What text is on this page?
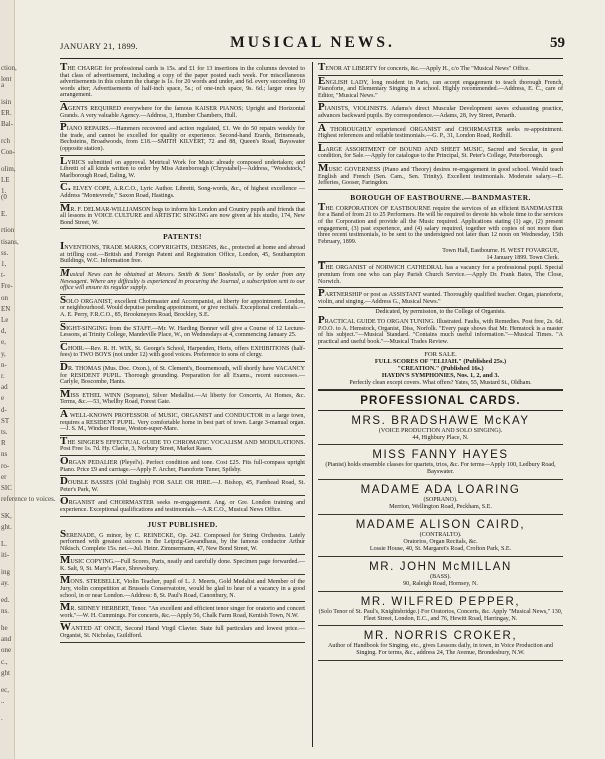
ction,
lent
a
isin
ER.
Bal-
rch
Con-
olim,
LE
1.
(0
E.
rtion
tisans,
ss.
1,
t-
Fre-
on
EN
Le
d,
e,
y,
n-
r.
ad
e
d-
ST
ts.
R
ns
ro-
er
SIC
reference to voices.
SK,
ght.
L.
iti-
ing
ay.
ed.
ns.
he
and
one
c.,
ght
ec,
..
.
JANUARY 21, 1899.	MUSICAL NEWS.	59
THE CHARGE for professional cards is 15s. and £1 for 13 insertions in the columns devoted to that class of advertisement, including a copy of the paper posted each week. For miscellaneous advertisements in this column the charge is 1s. for 20 words and under, and 6d. every succeeding 10 words after; Advertisements of half-inch space, 5s.; of one-inch space, 9s. 6d.; larger ones by arrangement.
AGENTS REQUIRED everywhere for the famous KAISER PIANOS; Upright and Horizontal Grands. A very valuable Agency.—Address, 3, Humber Chambers, Hull.
PIANO REPAIRS.—Hammers recovered and action regulated, £1. We do 50 repairs weekly for the trade, and cannot be excelled for quality or experience. Second-hand Erards, Brinsmeads, Bechsteins, Broadwoods, from £18.—SMITH KILVERT, 72 and 88, Queen's Road, Bayswater (opposite station).
LYRICS submitted on approval. Metrical Work for Music already composed undertaken; and Libretti of all kinds written to order by Miss Attenborough (Chrystabel)—Address, "Woodstock," Marlborough Road, Ealing, W.
C. ELVEY COPE, A.R.C.O., Lyric Author. Libretti, Song-words, &c., of highest excellence — Address "Montevrede," Saxon Road, Hastings.
MR. F. DELMAR-WILLIAMSON begs to inform his London and Country pupils and friends that all lessons in VOICE CULTURE and ARTISTIC SINGING are now given at his studio, 174, New Bond Street, W.
PATENTS!
INVENTIONS, TRADE MARKS, COPYRIGHTS, DESIGNS, &c., protected at home and abroad at trifling cost.—British and Foreign Patent and Registration Office, London, 45, Southampton Buildings, W.C. Information free.
Musical News can be obtained at Messrs. Smith & Sons' Bookstalls, or by order from any Newsagent. Where any difficulty is experienced in procuring the Journal, a subscription sent to our office will ensure its regular supply.
SOLO ORGANIST, excellent Choirmaster and Accompanist, at liberty for appointment. London, or neighbourhood. Would deputise pending appointment, or give recitals. Exceptional credentials.—A. E. Perry, F.R.C.O., 85, Brookmeyers Road, Brockley, S.E.
SIGHT-SINGING from the STAFF.—Mr. W. Harding Bonner will give a Course of 12 Lecture-Lessons, at Trinity College, Mandeville Place, W., on Wednesdays at 4, commencing January 25.
CHOIR.—Rev. R. H. WIX, St. George's School, Harpenden, Herts, offers EXHIBITIONS (half-fees) to TWO BOYS (not under 12) with good voices. Preference to sons of clergy.
DR. THOMAS (Mus. Doc. Oxon.), of St. Clement's, Bournemouth, will shortly have VACANCY for RESIDENT PUPIL. Thorough grounding. Preparation for all Exams., recent successes.—Carlyle, Boscombe, Hants.
MISS ETHEL WINN (Soprano), Silver Medallist.—At liberty for Concerts, At Homes, &c. Terms, &c.—53, Whellby Road, Forest Gate.
A WELL-KNOWN PROFESSOR of MUSIC, ORGANIST and CONDUCTOR in a large town, requires a RESIDENT PUPIL. Very comfortable home in best part of town. Large 3-manual organ.—J. S. M., Windsor House, Weston-super-Mare.
THE SINGER'S EFFECTUAL GUIDE TO CHROMATIC VOCALISM AND MODULATIONS. Post Free 1s. 7d. Hy. Clarke, 3, Norbury Street, Market Rasen.
ORGAN PEDALIER (Pleyel's). Perfect condition and tone. Cost £25. Fits full-compass upright Piano. Price £9 and carriage.—Apply F. Archer, Pianoforte Tuner, Spilsby.
DOUBLE BASSES (Old English) FOR SALE OR HIRE.—J. Bishop, 45, Farnhead Road, St. Peter's Park, W.
ORGANIST and CHOIRMASTER seeks re-engagement. Ang. or Gre. London training and experience. Exceptional qualifications and testimonials.—A.R.C.O., Musical News Office.
JUST PUBLISHED.
SERENADE, G minor, by C. REINECKE, Op. 242. Composed for String Orchestra. Lately performed with greatest success in the Leipzig-Gewandhaus, by the famous conductor Arthur Nikisch. Complete 15s. net.—Jul. Heinr. Zimmermann, 47, New Bond Street, W.
MUSIC COPYING.—Full Scores, Parts, neatly and carefully done. Specimen page forwarded.—K. Salt, 9, St. Mary's Place, Shrewsbury.
MONS. STREBELLE, Violin Teacher, pupil of L. J. Meerts, Gold Medalist and Member of the Jury, violin competition at Brussels Conservatoire, would be glad to hear of a vacancy in a good school, in or near London.—Address: 8, St. Paul's Road, Canonbury, N.
MR. SIDNEY HERBERT, Tenor. "An excellent and efficient tenor singer for oratorio and concert work."—W. H. Cummings. For concerts, &c.—Apply 56, Chalk Farm Road, Kentish Town, N.W.
WANTED AT ONCE, Second Hand Virgil Clavier. State full particulars and lowest price.—Organist, St. Nicholas, Guildford.
TENOR AT LIBERTY for concerts, &c.—Apply H., c/o The "Musical News" Office.
ENGLISH LADY, long resident in Paris, can accept engagement to teach thorough French, Pianoforte, and Elementary Singing in a school. Highly recommended.—Address, E. C., care of Editor, "Musical News."
PIANISTS, VIOLINISTS. Adams's direct Muscular Development saves exhausting practice, advances backward pupils. By correspondence.—Adams, 28, Ivy Street, Penarth.
A THOROUGHLY experienced ORGANIST and CHOIRMASTER seeks re-appointment. Highest references and reliable testimonials.—G. P., 31, London Road, Redhill.
LARGE ASSORTMENT OF BOUND AND SHEET MUSIC, Sacred and Secular, in good condition, for Sale.—Apply for catalogue to the Principal, St. Peter's College, Peterborough.
MUSIC GOVERNESS (Piano and Theory) desires re-engagement in good school. Would teach English and French (Sen. Cam., Sen. Trinity). Excellent testimonials. Moderate salary.—E. Jefferies, Gooser, Faringdon.
BOROUGH OF EASTBOURNE.—BANDMASTER.
THE CORPORATION OF EASTBOURNE require the services of an efficient BANDMASTER for a Band of from 21 to 25 Performers. He will be required to devote his whole time to the services of the Corporation and provide all the Music required. Applications stating (1) age, (2) present engagement, (3) past experience, and (4) salary required, together with copies of not more than three recent testimonials, to be sent to the undersigned not later than 12 noon on Wednesday, 15th February, 1899.
Town Hall, Eastbourne. H. WEST FOVARGUE,
14 January 1899. Town Clerk.
THE ORGANIST of NORWICH CATHEDRAL has a vacancy for a professional pupil. Special premium from one who can play Parish Church Service.—Apply Dr. Frank Bates, The Close, Norwich.
PARTNERSHIP or post as ASSISTANT wanted. Thoroughly qualified teacher. Organ, pianoforte, violin, and singing.—Address G., Musical News."
Dedicated, by permission, to the College of Organists.
PRACTICAL GUIDE TO ORGAN TUNING. Illustrated. Faults, with Remedies. Post free, 2s. 6d. P.O.O. to A. Hemstock, Organist, Diss, Norfolk. "Every page shows that Mr. Hemstock is a master of his subject."—Musical Standard. "Contains much useful information."—Musical Times. "A practical and useful book."—Musical Trades Review.
FOR SALE.
FULL SCORES OF "ELIJAH." (Published 25s.)
"CREATION." (Published 16s.)
HAYDN'S SYMPHONIES, Nos. 1, 2, and 3.
Perfectly clean except covers. What offers? Yates, 55, Mustard St., Oldham.
PROFESSIONAL CARDS.
MRS. BRADSHAWE McKAY
(VOICE PRODUCTION AND SOLO SINGING).
44, Highbury Place, N.
MISS FANNY HAYES
(Pianist) holds ensemble classes for quartets, trios, &c. For terms—Apply 100, Ledbury Road, Bayswater.
MADAME ADA LOARING
(SOPRANO).
Merrion, Wellington Road, Peckham, S.E.
MADAME ALISON CAIRD,
(CONTRALTO).
Oratorios, Organ Recitals, &c.
Lossie House, 40, St. Margaret's Road, Crofton Park, S.E.
MR. JOHN McMILLAN
(BASS).
90, Raleigh Road, Hornsey, N.
MR. WILFRED PEPPER,
(Solo Tenor of St. Paul's, Knightsbridge.) For Oratorios, Concerts, &c. Apply "Musical News," 130, Fleet Street, London, E.C., and 76, Hewitt Road, Harringay, N.
MR. NORRIS CROKER,
Author of Handbook for Singing, etc., gives Lessons daily, in town, in Voice Production and Singing. For terms, &c., address 24, The Avenue, Brondesbury, N.W.
